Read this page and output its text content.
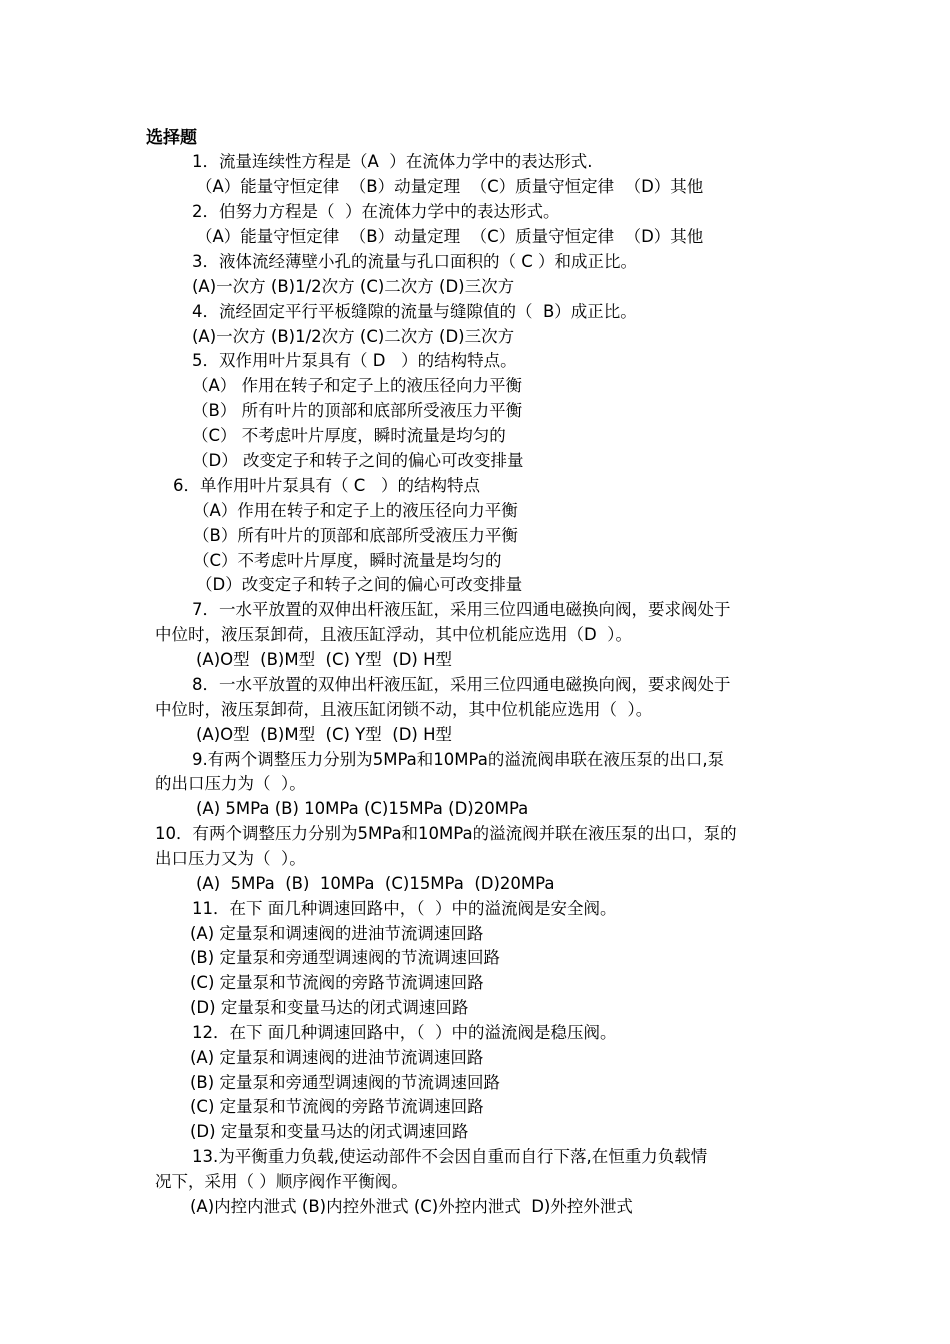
选择题
1．流量连续性方程是（A  ）在流体力学中的表达形式.
（A）能量守恒定律  （B）动量定理  （C）质量守恒定律  （D）其他
2．伯努力方程是（  ）在流体力学中的表达形式。
（A）能量守恒定律  （B）动量定理  （C）质量守恒定律  （D）其他
3．液体流经薄壁小孔的流量与孔口面积的（ C ）和成正比。
(A)一次方 (B)1/2次方 (C)二次方 (D)三次方
4．流经固定平行平板缝隙的流量与缝隙值的（  B）成正比。
(A)一次方 (B)1/2次方 (C)二次方 (D)三次方
5．双作用叶片泵具有（ D   ）的结构特点。
（A） 作用在转子和定子上的液压径向力平衡
（B） 所有叶片的顶部和底部所受液压力平衡
（C） 不考虑叶片厚度，瞬时流量是均匀的
（D） 改变定子和转子之间的偏心可改变排量
6．单作用叶片泵具有（ C   ）的结构特点
（A）作用在转子和定子上的液压径向力平衡
（B）所有叶片的顶部和底部所受液压力平衡
（C）不考虑叶片厚度，瞬时流量是均匀的
（D）改变定子和转子之间的偏心可改变排量
7．一水平放置的双伸出杆液压缸，采用三位四通电磁换向阀，要求阀处于
中位时，液压泵卸荷，且液压缸浮动，其中位机能应选用（D  ）。
(A)O型  (B)M型  (C) Y型  (D) H型
8．一水平放置的双伸出杆液压缸，采用三位四通电磁换向阀，要求阀处于
中位时，液压泵卸荷，且液压缸闭锁不动，其中位机能应选用（  ）。
(A)O型  (B)M型  (C) Y型  (D) H型
9.有两个调整压力分别为5MPa和10MPa的溢流阀串联在液压泵的出口,泵
的出口压力为（  ）。
(A) 5MPa (B) 10MPa (C)15MPa (D)20MPa
10．有两个调整压力分别为5MPa和10MPa的溢流阀并联在液压泵的出口，泵的
出口压力又为（  ）。
(A)  5MPa  (B)  10MPa  (C)15MPa  (D)20MPa
11．在下 面几种调速回路中，（  ）中的溢流阀是安全阀。
(A) 定量泵和调速阀的进油节流调速回路
(B) 定量泵和旁通型调速阀的节流调速回路
(C) 定量泵和节流阀的旁路节流调速回路
(D) 定量泵和变量马达的闭式调速回路
12．在下 面几种调速回路中，（  ）中的溢流阀是稳压阀。
(A) 定量泵和调速阀的进油节流调速回路
(B) 定量泵和旁通型调速阀的节流调速回路
(C) 定量泵和节流阀的旁路节流调速回路
(D) 定量泵和变量马达的闭式调速回路
13.为平衡重力负载,使运动部件不会因自重而自行下落,在恒重力负载情
况下，采用（ ）顺序阀作平衡阀。
(A)内控内泄式 (B)内控外泄式 (C)外控内泄式  D)外控外泄式
